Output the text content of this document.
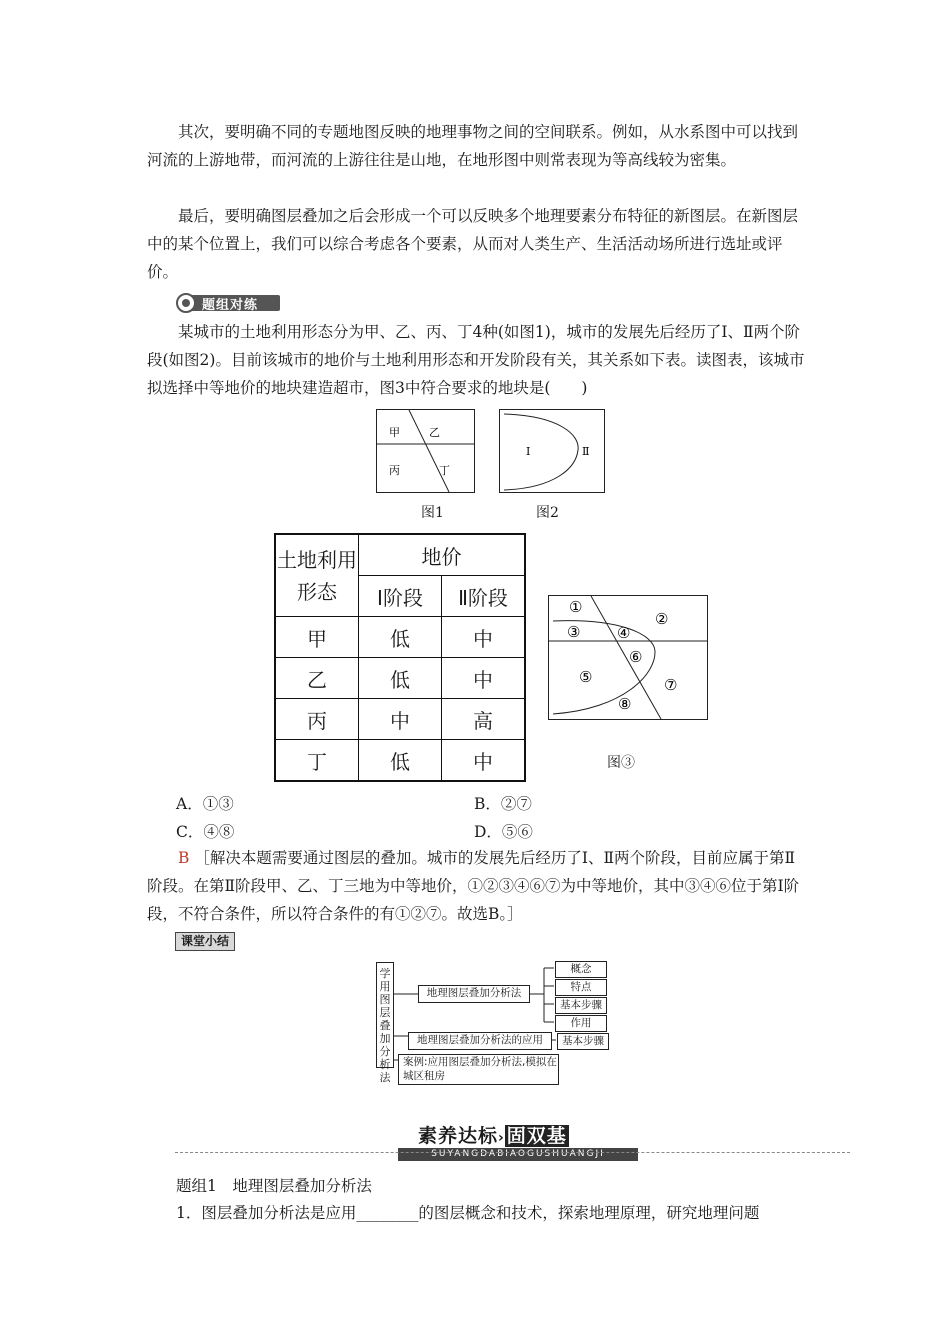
其次，要明确不同的专题地图反映的地理事物之间的空间联系。例如，从水系图中可以找到河流的上游地带，而河流的上游往往是山地，在地形图中则常表现为等高线较为密集。

最后，要明确图层叠加之后会形成一个可以反映多个地理要素分布特征的新图层。在新图层中的某个位置上，我们可以综合考虑各个要素，从而对人类生产、生活活动场所进行选址或评价。

题组对练

某城市的土地利用形态分为甲、乙、丙、丁4种(如图1)，城市的发展先后经历了Ⅰ、Ⅱ两个阶段(如图2)。目前该城市的地价与土地利用形态和开发阶段有关，其关系如下表。读图表，该城市拟选择中等地价的地块建造超市，图3中符合要求的地块是(　　)

甲	乙
丙	丁
图1
Ⅰ	Ⅱ
图2
土地利用形态	地价	
	Ⅰ阶段	Ⅱ阶段
甲	低	中
乙	低	中
丙	中	高
丁	低	中
①
②
③ ④
⑤
⑥
⑦
⑧
图③
A．①③	B．②⑦
C．④⑧	D．⑤⑥
B ［解决本题需要通过图层的叠加。城市的发展先后经历了Ⅰ、Ⅱ两个阶段，目前应属于第Ⅱ阶段。在第Ⅱ阶段甲、乙、丁三地为中等地价，①②③④⑥⑦为中等地价，其中③④⑥位于第Ⅰ阶段，不符合条件，所以符合条件的有①②⑦。故选B。］
课堂小结
学用图层叠加分析法
地理图层叠加分析法
地理图层叠加分析法的应用
案例:应用图层叠加分析法,模拟在城区租房
概念
特点
基本步骤
作用
基本步骤
素养达标› 固双基
SUYANGDABIAOGUSHUANGJI
题组1　地理图层叠加分析法
1．图层叠加分析法是应用________的图层概念和技术，探索地理原理，研究地理问题
